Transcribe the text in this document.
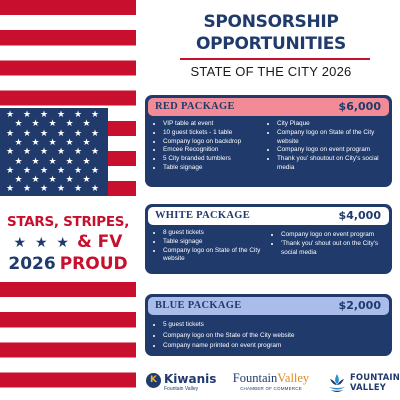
★ ★ ★ ★ ★ ★
★ ★ ★ ★ ★
★ ★ ★ ★ ★ ★
★ ★ ★ ★ ★
★ ★ ★ ★ ★ ★
★ ★ ★ ★ ★
★ ★ ★ ★ ★ ★
★ ★ ★ ★ ★
★ ★ ★ ★ ★ ★
STARS, STRIPES,
★ ★ ★ & FV
2026 PROUD
SPONSORSHIP
OPPORTUNITIES
STATE OF THE CITY 2026
RED PACKAGE	$6,000
• VIP table at event
• 10 guest tickets - 1 table
• Company logo on backdrop
• Emcee Recognition
• 5 City branded tumblers
• Table signage
• City Plaque
• Company logo on State of the City website
• Company logo on event program
• Thank you' shoutout on City's social media
WHITE PACKAGE	$4,000
• 8 guest tickets
• Table signage
• Company logo on State of the City website
• Company logo on event program
• 'Thank you' shout out on the City's social media
BLUE PACKAGE	$2,000
• 5 guest tickets
• Company logo on the State of the City website
• Company name printed on event program
K Kiwanis
Fountain Valley
FountainValley
CHAMBER OF COMMERCE
FOUNTAIN
VALLEY
